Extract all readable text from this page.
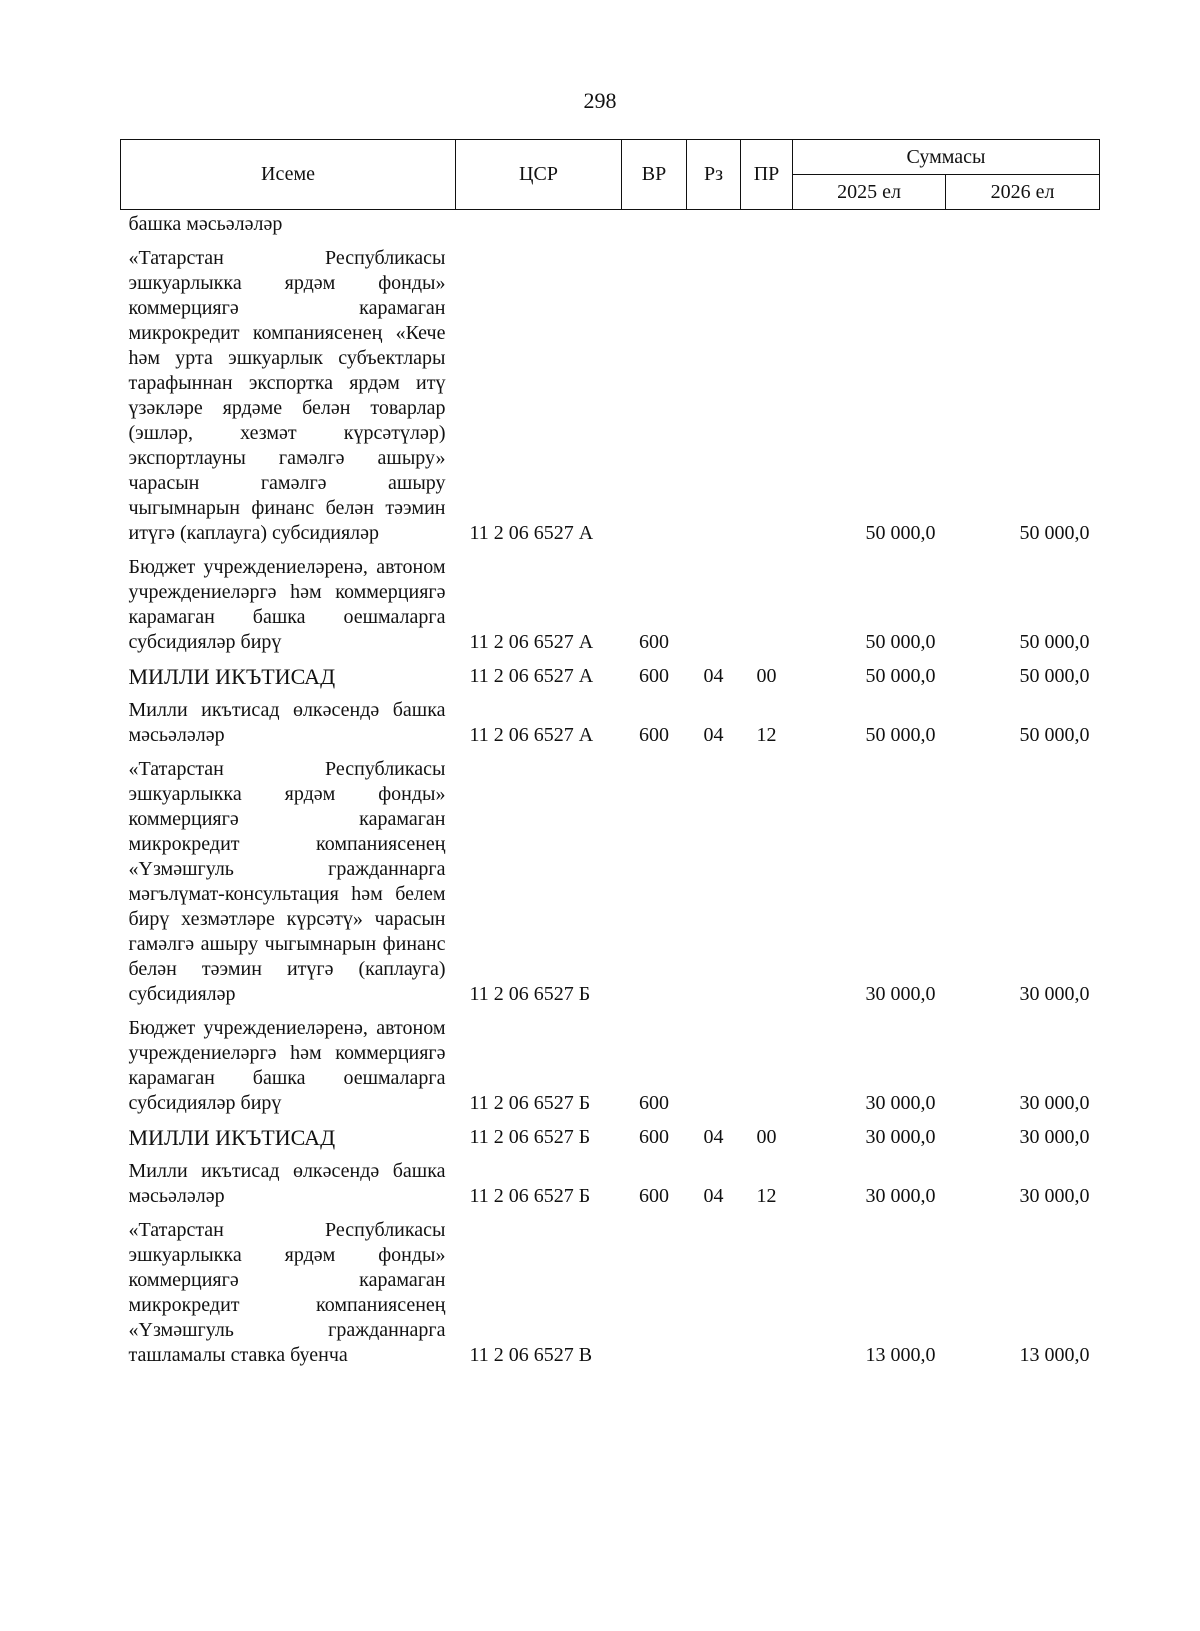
298
Исеме	ЦСР	ВР	Рз	ПР	Суммасы	
					2025 ел	2026 ел
башка мәсьәләләр						
«Татарстан Республикасы эшкуарлыкка ярдәм фонды» коммерциягә карамаган микрокредит компаниясенең «Кече һәм урта эшкуарлык субъектлары тарафыннан экспортка ярдәм итү үзәкләре ярдәме белән товарлар (эшләр, хезмәт күрсәтүләр) экспортлауны гамәлгә ашыру» чарасын гамәлгә ашыру чыгымнарын финанс белән тәэмин итүгә (каплауга) субсидияләр	11 2 06 6527 А				50 000,0	50 000,0
Бюджет учреждениеләренә, автоном учреждениеләргә һәм коммерциягә карамаган башка оешмаларга субсидияләр бирү	11 2 06 6527 А	600			50 000,0	50 000,0
МИЛЛИ ИКЪТИСАД	11 2 06 6527 А	600	04	00	50 000,0	50 000,0
Милли икътисад өлкәсендә башка мәсьәләләр	11 2 06 6527 А	600	04	12	50 000,0	50 000,0
«Татарстан Республикасы эшкуарлыкка ярдәм фонды» коммерциягә карамаган микрокредит компаниясенең «Үзмәшгуль гражданнарга мәгълүмат-консультация һәм белем бирү хезмәтләре күрсәтү» чарасын гамәлгә ашыру чыгымнарын финанс белән тәэмин итүгә (каплауга) субсидияләр	11 2 06 6527 Б				30 000,0	30 000,0
Бюджет учреждениеләренә, автоном учреждениеләргә һәм коммерциягә карамаган башка оешмаларга субсидияләр бирү	11 2 06 6527 Б	600			30 000,0	30 000,0
МИЛЛИ ИКЪТИСАД	11 2 06 6527 Б	600	04	00	30 000,0	30 000,0
Милли икътисад өлкәсендә башка мәсьәләләр	11 2 06 6527 Б	600	04	12	30 000,0	30 000,0
«Татарстан Республикасы эшкуарлыкка ярдәм фонды» коммерциягә карамаган микрокредит компаниясенең «Үзмәшгуль гражданнарга ташламалы ставка буенча	11 2 06 6527 В				13 000,0	13 000,0
